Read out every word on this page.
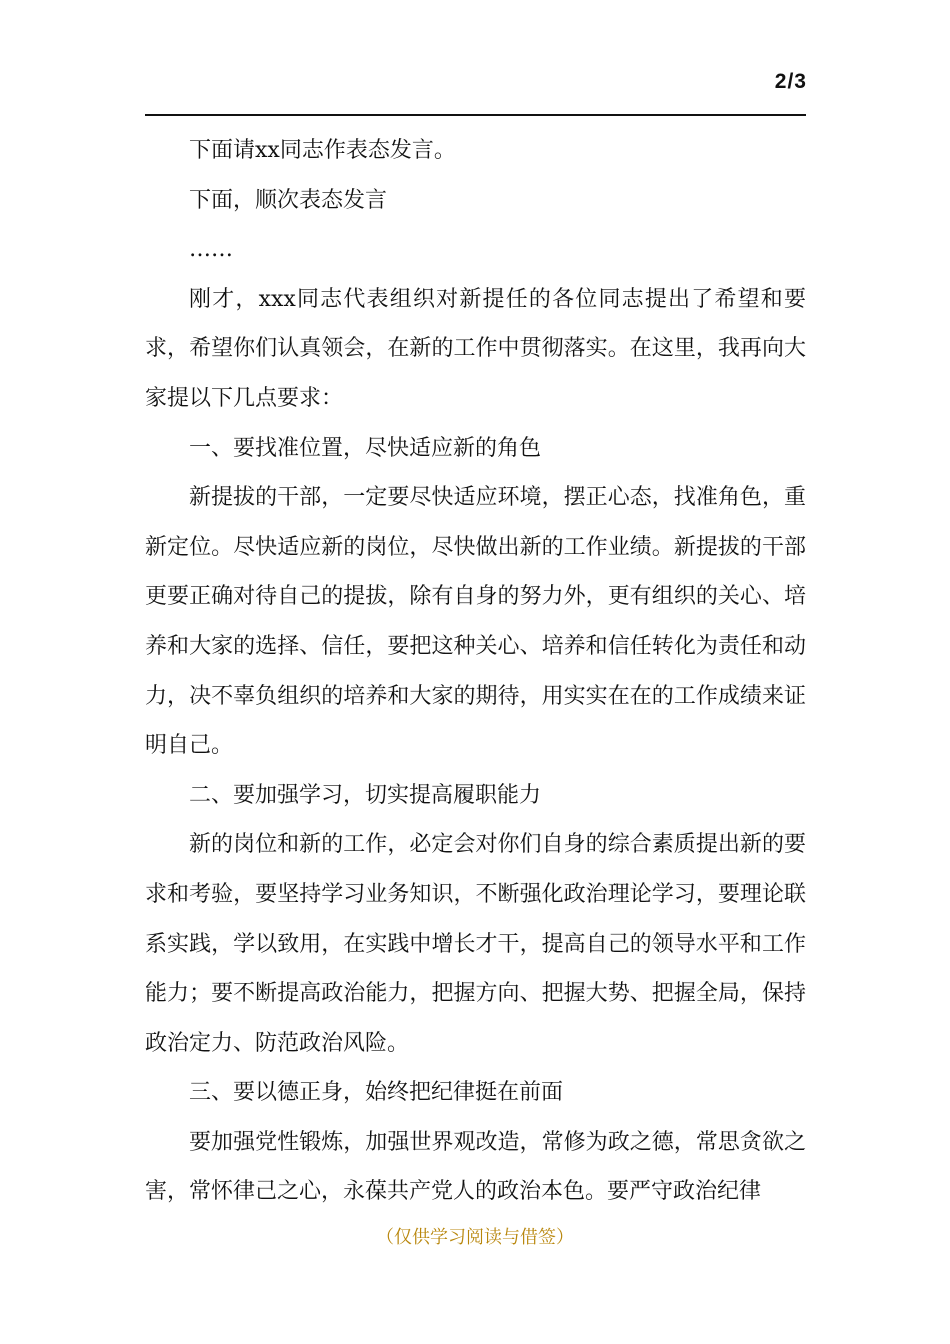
2/3

下面请xx同志作表态发言。

下面，顺次表态发言

……

刚才，xxx同志代表组织对新提任的各位同志提出了希望和要求，希望你们认真领会，在新的工作中贯彻落实。在这里，我再向大家提以下几点要求：

一、要找准位置，尽快适应新的角色

新提拔的干部，一定要尽快适应环境，摆正心态，找准角色，重新定位。尽快适应新的岗位，尽快做出新的工作业绩。新提拔的干部更要正确对待自己的提拔，除有自身的努力外，更有组织的关心、培养和大家的选择、信任，要把这种关心、培养和信任转化为责任和动力，决不辜负组织的培养和大家的期待，用实实在在的工作成绩来证明自己。

二、要加强学习，切实提高履职能力

新的岗位和新的工作，必定会对你们自身的综合素质提出新的要求和考验，要坚持学习业务知识，不断强化政治理论学习，要理论联系实践，学以致用，在实践中增长才干，提高自己的领导水平和工作能力；要不断提高政治能力，把握方向、把握大势、把握全局，保持政治定力、防范政治风险。

三、要以德正身，始终把纪律挺在前面

要加强党性锻炼，加强世界观改造，常修为政之德，常思贪欲之害，常怀律己之心，永葆共产党人的政治本色。要严守政治纪律

（仅供学习阅读与借签）
